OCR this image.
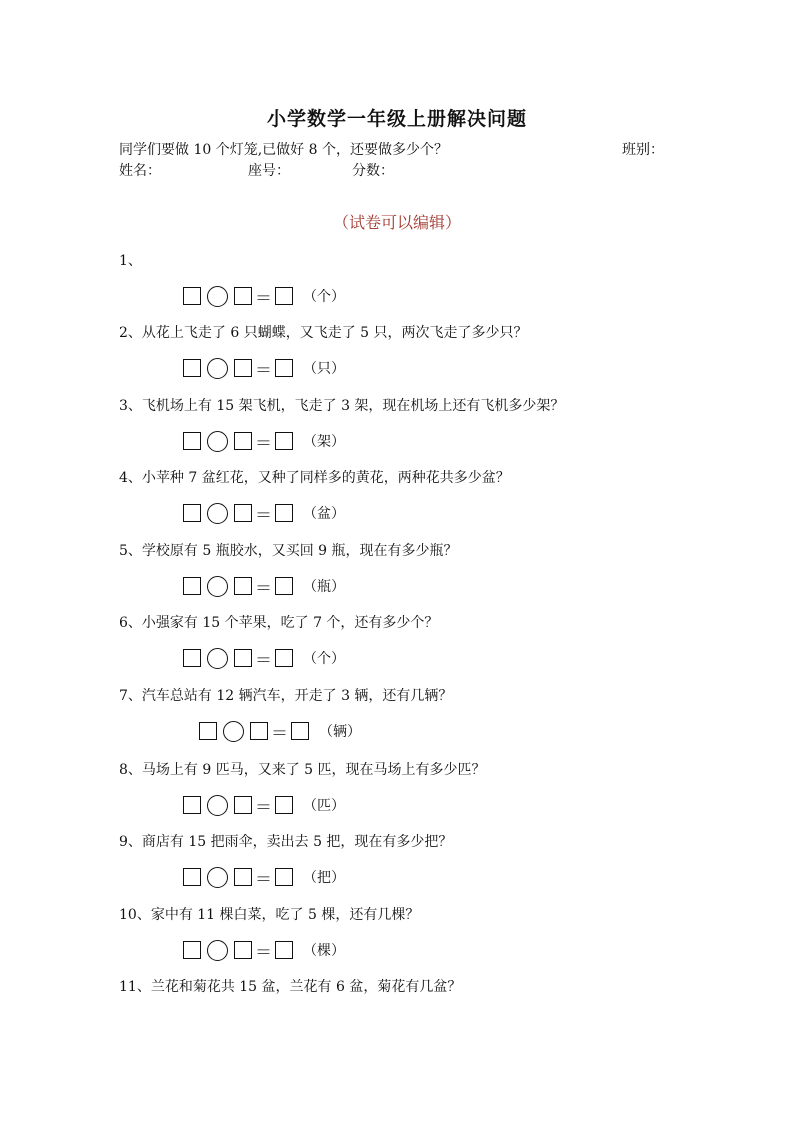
小学数学一年级上册解决问题
同学们要做 10 个灯笼,已做好 8 个，还要做多少个？	班别：
姓名：	座号：	分数：
（试卷可以编辑）
1、
＝ （个）
2、从花上飞走了 6 只蝴蝶，又飞走了 5 只，两次飞走了多少只？
＝ （只）
3、飞机场上有 15 架飞机，飞走了 3 架，现在机场上还有飞机多少架？
＝ （架）
4、小苹种 7 盆红花，又种了同样多的黄花，两种花共多少盆？
＝ （盆）
5、学校原有 5 瓶胶水，又买回 9 瓶，现在有多少瓶？
＝ （瓶）
6、小强家有 15 个苹果，吃了 7 个，还有多少个？
＝ （个）
7、汽车总站有 12 辆汽车，开走了 3 辆，还有几辆？
＝ （辆）
8、马场上有 9 匹马，又来了 5 匹，现在马场上有多少匹？
＝ （匹）
9、商店有 15 把雨伞，卖出去 5 把，现在有多少把？
＝ （把）
10、家中有 11 棵白菜，吃了 5 棵，还有几棵？
＝ （棵）
11、兰花和菊花共 15 盆，兰花有 6 盆，菊花有几盆？
